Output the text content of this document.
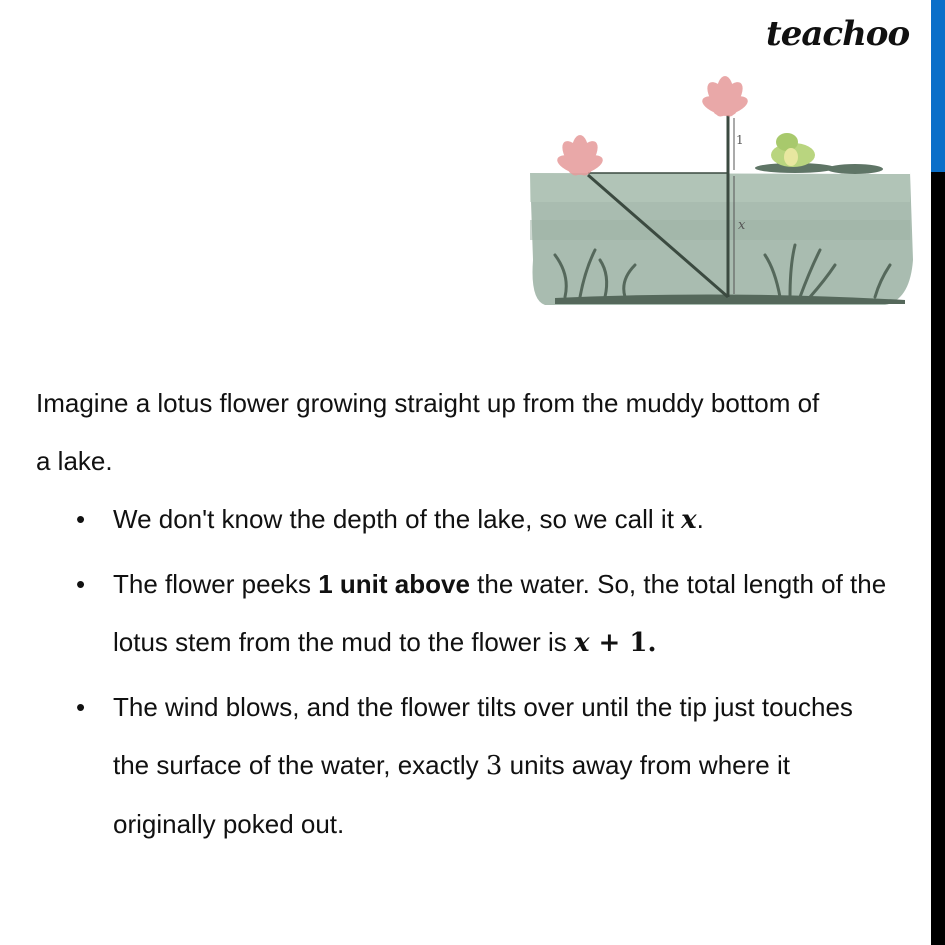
teachoo
1
x
Imagine a lotus flower growing straight up from the muddy bottom of a lake.
• We don't know the depth of the lake, so we call it x.
• The flower peeks 1 unit above the water. So, the total length of the lotus stem from the mud to the flower is x + 1.
• The wind blows, and the flower tilts over until the tip just touches the surface of the water, exactly 3 units away from where it originally poked out.
